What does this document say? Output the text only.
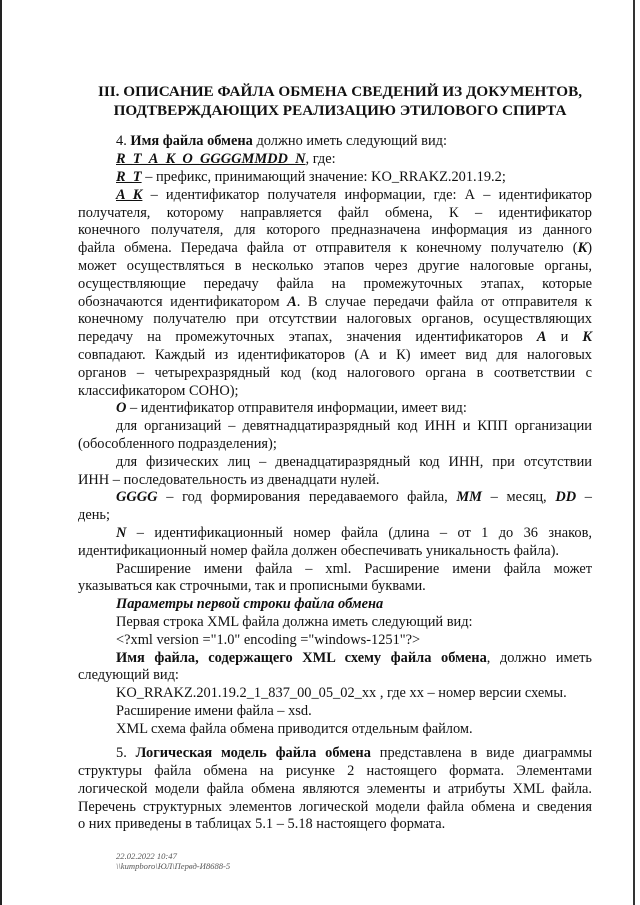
III. ОПИСАНИЕ ФАЙЛА ОБМЕНА СВЕДЕНИЙ ИЗ ДОКУМЕНТОВ,
ПОДТВЕРЖДАЮЩИХ РЕАЛИЗАЦИЮ ЭТИЛОВОГО СПИРТА
4. Имя файла обмена должно иметь следующий вид:
R_T_A_K_O_GGGGMMDD_N, где:
R_T – префикс, принимающий значение: KO_RRAKZ.201.19.2;
A_K – идентификатор получателя информации, где: А – идентификатор
получателя, которому направляется файл обмена, К – идентификатор
конечного получателя, для которого предназначена информация из данного
файла обмена. Передача файла от отправителя к конечному получателю (K)
может осуществляться в несколько этапов через другие налоговые органы,
осуществляющие передачу файла на промежуточных этапах, которые
обозначаются идентификатором A. В случае передачи файла от отправителя к
конечному получателю при отсутствии налоговых органов, осуществляющих
передачу на промежуточных этапах, значения идентификаторов A и K
совпадают. Каждый из идентификаторов (А и К) имеет вид для налоговых
органов – четырехразрядный код (код налогового органа в соответствии с
классификатором СОНО);
O – идентификатор отправителя информации, имеет вид:
для организаций – девятнадцатиразрядный код ИНН и КПП организации
(обособленного подразделения);
для физических лиц – двенадцатиразрядный код ИНН, при отсутствии
ИНН – последовательность из двенадцати нулей.
GGGG – год формирования передаваемого файла, MM – месяц, DD –
день;
N – идентификационный номер файла (длина – от 1 до 36 знаков,
идентификационный номер файла должен обеспечивать уникальность файла).
Расширение имени файла – xml. Расширение имени файла может
указываться как строчными, так и прописными буквами.
Параметры первой строки файла обмена
Первая строка XML файла должна иметь следующий вид:
<?xml version ="1.0" encoding ="windows-1251"?>
Имя файла, содержащего XML схему файла обмена, должно иметь
следующий вид:
KO_RRAKZ.201.19.2_1_837_00_05_02_xx , где хх – номер версии схемы.
Расширение имени файла – xsd.
XML схема файла обмена приводится отдельным файлом.
5. Логическая модель файла обмена представлена в виде диаграммы
структуры файла обмена на рисунке 2 настоящего формата. Элементами
логической модели файла обмена являются элементы и атрибуты XML файла.
Перечень структурных элементов логической модели файла обмена и сведения
о них приведены в таблицах 5.1 – 5.18 настоящего формата.
22.02.2022 10:47
\\kumpboro\ЮЛ\Первд-И8688-5
